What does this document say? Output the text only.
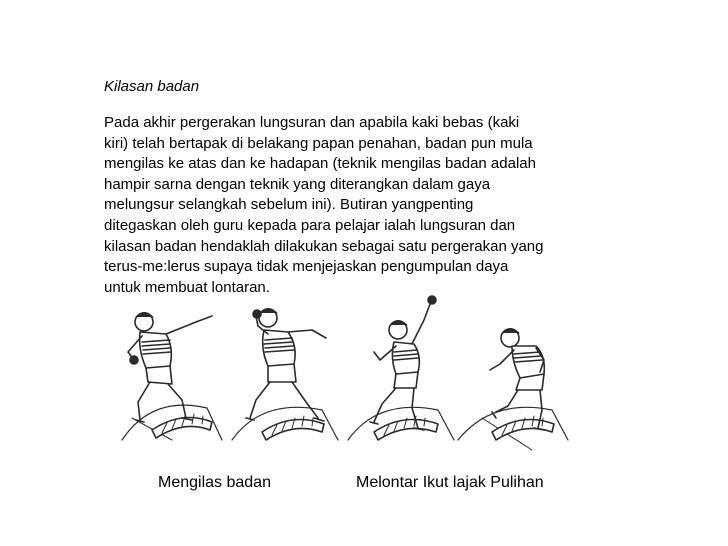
Kilasan badan
Pada akhir pergerakan lungsuran dan apabila kaki bebas (kaki
kiri) telah bertapak di belakang papan penahan, badan pun mula
mengilas ke atas dan ke hadapan (teknik mengilas badan adalah
hampir sarna dengan teknik yang diterangkan dalam gaya
melungsur selangkah sebelum ini). Butiran yangpenting
ditegaskan oleh guru kepada para pelajar ialah lungsuran dan
kilasan badan hendaklah dilakukan sebagai satu pergerakan yang
terus-me:lerus supaya tidak menjejaskan pengumpulan daya
untuk membuat lontaran.
Mengilas badan	Melontar Ikut lajak Pulihan
